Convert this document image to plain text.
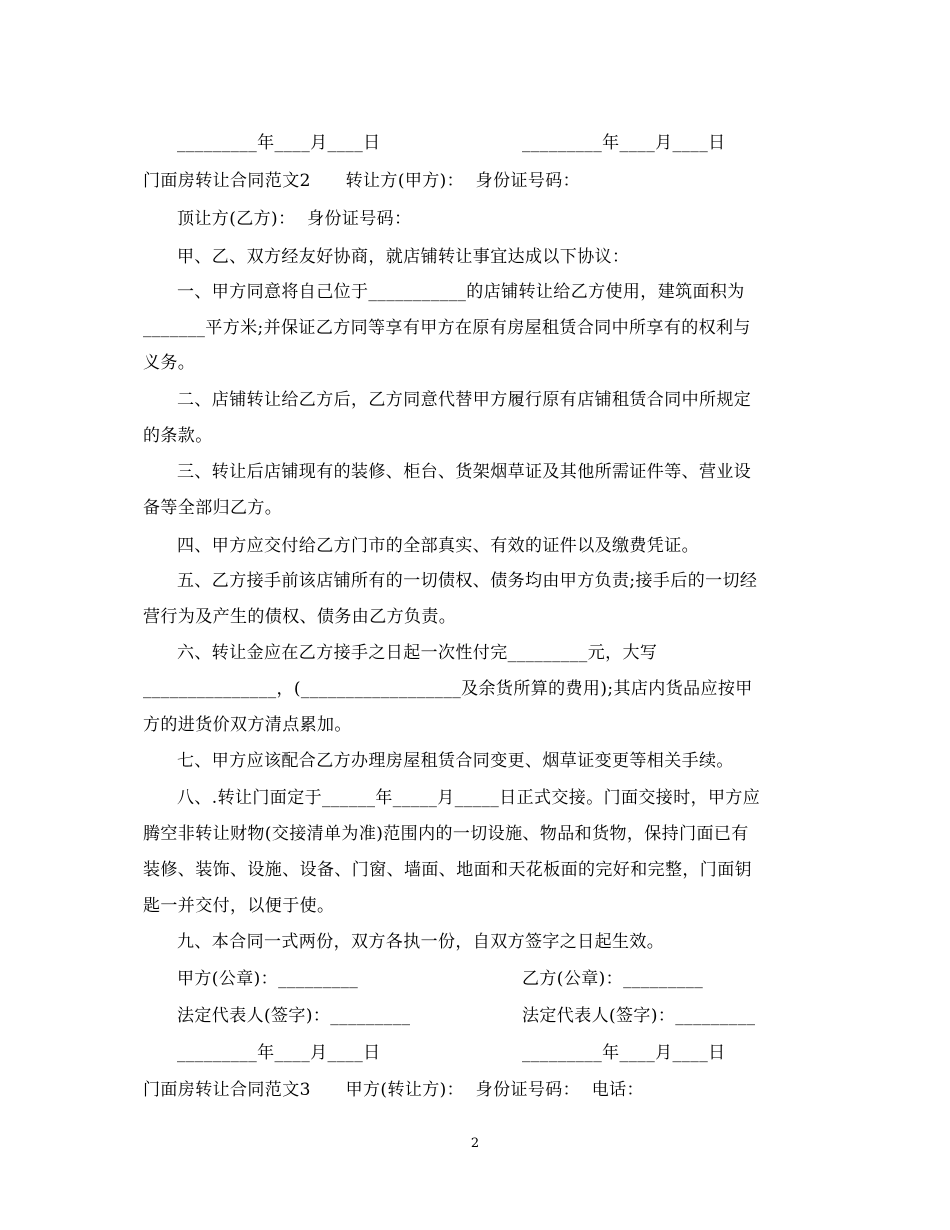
_________年____月____日	_________年____月____日
门面房转让合同范文2　　转让方(甲方)：  身份证号码：
顶让方(乙方)：  身份证号码：
甲、乙、双方经友好协商，就店铺转让事宜达成以下协议：
一、甲方同意将自己位于___________的店铺转让给乙方使用，建筑面积为
_______平方米;并保证乙方同等享有甲方在原有房屋租赁合同中所享有的权利与
义务。
二、店铺转让给乙方后，乙方同意代替甲方履行原有店铺租赁合同中所规定
的条款。
三、转让后店铺现有的装修、柜台、货架烟草证及其他所需证件等、营业设
备等全部归乙方。
四、甲方应交付给乙方门市的全部真实、有效的证件以及缴费凭证。
五、乙方接手前该店铺所有的一切债权、债务均由甲方负责;接手后的一切经
营行为及产生的债权、债务由乙方负责。
六、转让金应在乙方接手之日起一次性付完_________元，大写
_______________，(__________________及余货所算的费用);其店内货品应按甲
方的进货价双方清点累加。
七、甲方应该配合乙方办理房屋租赁合同变更、烟草证变更等相关手续。
八、.转让门面定于______年_____月_____日正式交接。门面交接时，甲方应
腾空非转让财物(交接清单为准)范围内的一切设施、物品和货物，保持门面已有
装修、装饰、设施、设备、门窗、墙面、地面和天花板面的完好和完整，门面钥
匙一并交付，以便于使。
九、本合同一式两份，双方各执一份，自双方签字之日起生效。
甲方(公章)：_________	乙方(公章)：_________
法定代表人(签字)：_________	法定代表人(签字)：_________
_________年____月____日	_________年____月____日
门面房转让合同范文3　　甲方(转让方)：  身份证号码：  电话：
2
